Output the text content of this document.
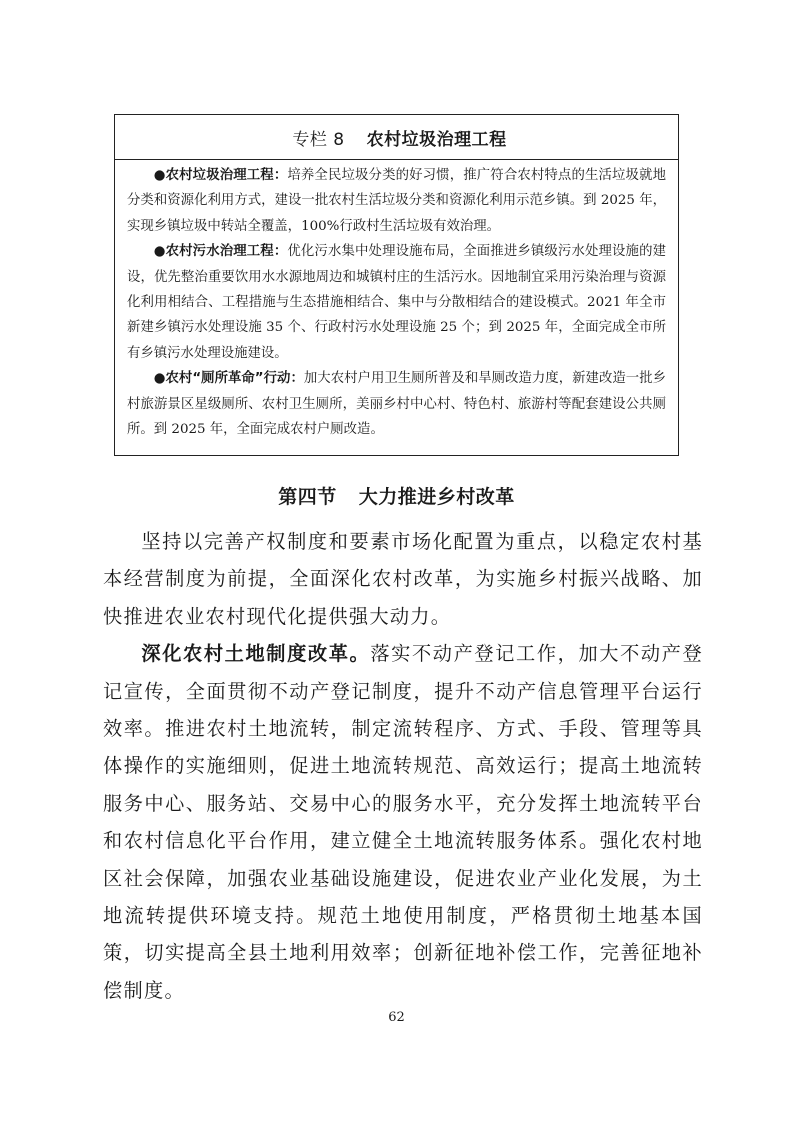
专栏 8 农村垃圾治理工程

●农村垃圾治理工程：培养全民垃圾分类的好习惯，推广符合农村特点的生活垃圾就地分类和资源化利用方式，建设一批农村生活垃圾分类和资源化利用示范乡镇。到 2025 年，实现乡镇垃圾中转站全覆盖，100%行政村生活垃圾有效治理。

●农村污水治理工程：优化污水集中处理设施布局，全面推进乡镇级污水处理设施的建设，优先整治重要饮用水水源地周边和城镇村庄的生活污水。因地制宜采用污染治理与资源化利用相结合、工程措施与生态措施相结合、集中与分散相结合的建设模式。2021 年全市新建乡镇污水处理设施 35 个、行政村污水处理设施 25 个；到 2025 年，全面完成全市所有乡镇污水处理设施建设。

●农村“厕所革命”行动：加大农村户用卫生厕所普及和旱厕改造力度，新建改造一批乡村旅游景区星级厕所、农村卫生厕所，美丽乡村中心村、特色村、旅游村等配套建设公共厕所。到 2025 年，全面完成农村户厕改造。

第四节 大力推进乡村改革

坚持以完善产权制度和要素市场化配置为重点，以稳定农村基本经营制度为前提，全面深化农村改革，为实施乡村振兴战略、加快推进农业农村现代化提供强大动力。

深化农村土地制度改革。落实不动产登记工作，加大不动产登记宣传，全面贯彻不动产登记制度，提升不动产信息管理平台运行效率。推进农村土地流转，制定流转程序、方式、手段、管理等具体操作的实施细则，促进土地流转规范、高效运行；提高土地流转服务中心、服务站、交易中心的服务水平，充分发挥土地流转平台和农村信息化平台作用，建立健全土地流转服务体系。强化农村地区社会保障，加强农业基础设施建设，促进农业产业化发展，为土地流转提供环境支持。规范土地使用制度，严格贯彻土地基本国策，切实提高全县土地利用效率；创新征地补偿工作，完善征地补偿制度。

62
